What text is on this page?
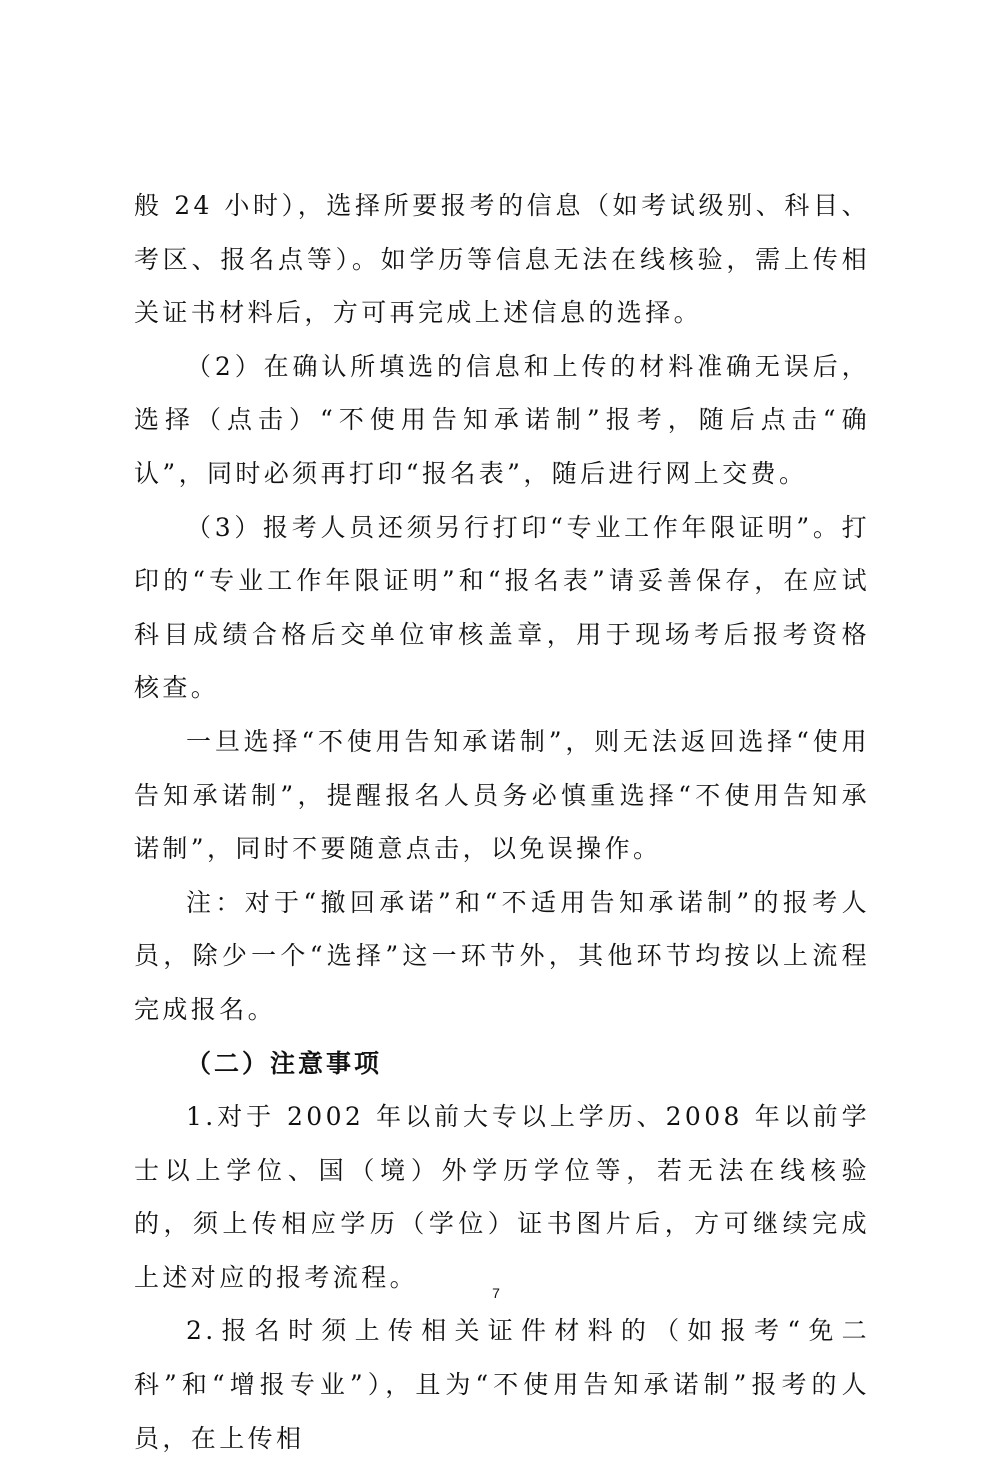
般 24 小时），选择所要报考的信息（如考试级别、科目、考区、报名点等）。如学历等信息无法在线核验，需上传相关证书材料后，方可再完成上述信息的选择。

（2）在确认所填选的信息和上传的材料准确无误后，选择（点击）“不使用告知承诺制”报考，随后点击“确认”，同时必须再打印“报名表”，随后进行网上交费。

（3）报考人员还须另行打印“专业工作年限证明”。打印的“专业工作年限证明”和“报名表”请妥善保存，在应试科目成绩合格后交单位审核盖章，用于现场考后报考资格核查。

一旦选择“不使用告知承诺制”，则无法返回选择“使用告知承诺制”，提醒报名人员务必慎重选择“不使用告知承诺制”，同时不要随意点击，以免误操作。

注：对于“撤回承诺”和“不适用告知承诺制”的报考人员，除少一个“选择”这一环节外，其他环节均按以上流程完成报名。

（二）注意事项

1.对于 2002 年以前大专以上学历、2008 年以前学士以上学位、国（境）外学历学位等，若无法在线核验的，须上传相应学历（学位）证书图片后，方可继续完成上述对应的报考流程。

2.报名时须上传相关证件材料的（如报考“免二科”和“增报专业”），且为“不使用告知承诺制”报考的人员，在上传相

7
